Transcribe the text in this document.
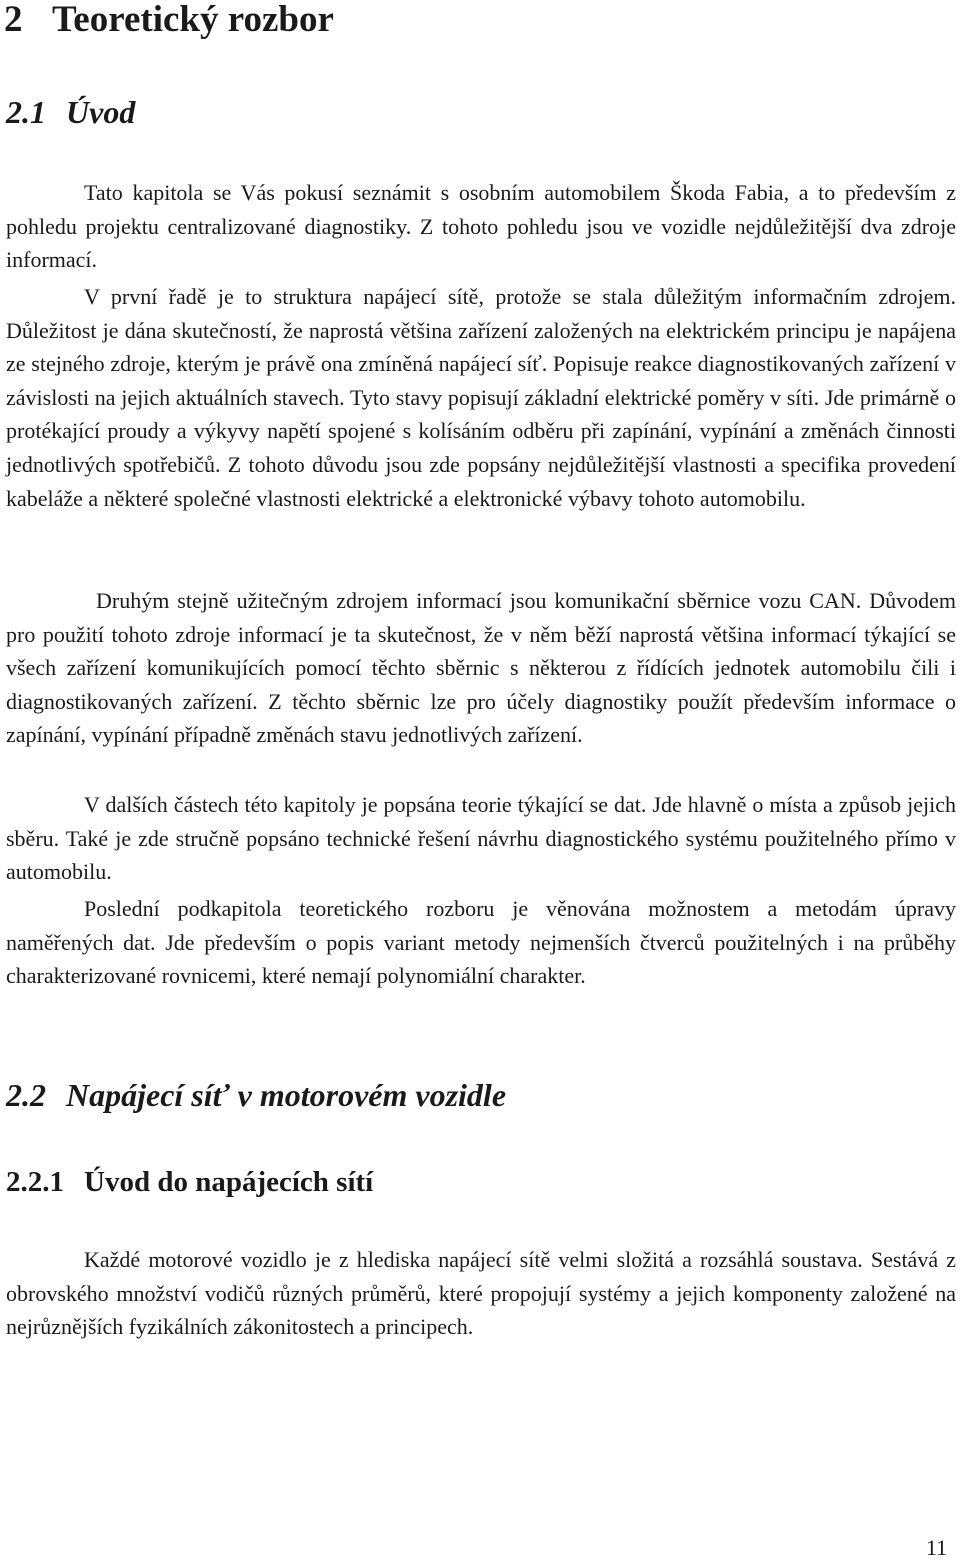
2 Teoretický rozbor
2.1 Úvod

Tato kapitola se Vás pokusí seznámit s osobním automobilem Škoda Fabia, a to především z pohledu projektu centralizované diagnostiky. Z tohoto pohledu jsou ve vozidle nejdůležitější dva zdroje informací.

V první řadě je to struktura napájecí sítě, protože se stala důležitým informačním zdrojem. Důležitost je dána skutečností, že naprostá většina zařízení založených na elektrickém principu je napájena ze stejného zdroje, kterým je právě ona zmíněná napájecí síť. Popisuje reakce diagnostikovaných zařízení v závislosti na jejich aktuálních stavech. Tyto stavy popisují základní elektrické poměry v síti. Jde primárně o protékající proudy a výkyvy napětí spojené s kolísáním odběru při zapínání, vypínání a změnách činnosti jednotlivých spotřebičů. Z tohoto důvodu jsou zde popsány nejdůležitější vlastnosti a specifika provedení kabeláže a některé společné vlastnosti elektrické a elektronické výbavy tohoto automobilu.

Druhým stejně užitečným zdrojem informací jsou komunikační sběrnice vozu CAN. Důvodem pro použití tohoto zdroje informací je ta skutečnost, že v něm běží naprostá většina informací týkající se všech zařízení komunikujících pomocí těchto sběrnic s některou z řídících jednotek automobilu čili i diagnostikovaných zařízení. Z těchto sběrnic lze pro účely diagnostiky použít především informace o zapínání, vypínání případně změnách stavu jednotlivých zařízení.

V dalších částech této kapitoly je popsána teorie týkající se dat. Jde hlavně o místa a způsob jejich sběru. Také je zde stručně popsáno technické řešení návrhu diagnostického systému použitelného přímo v automobilu.

Poslední podkapitola teoretického rozboru je věnována možnostem a metodám úpravy naměřených dat. Jde především o popis variant metody nejmenších čtverců použitelných i na průběhy charakterizované rovnicemi, které nemají polynomiální charakter.

2.2 Napájecí síť v motorovém vozidle
2.2.1 Úvod do napájecích sítí

Každé motorové vozidlo je z hlediska napájecí sítě velmi složitá a rozsáhlá soustava. Sestává z obrovského množství vodičů různých průměrů, které propojují systémy a jejich komponenty založené na nejrůznějších fyzikálních zákonitostech a principech.

11
